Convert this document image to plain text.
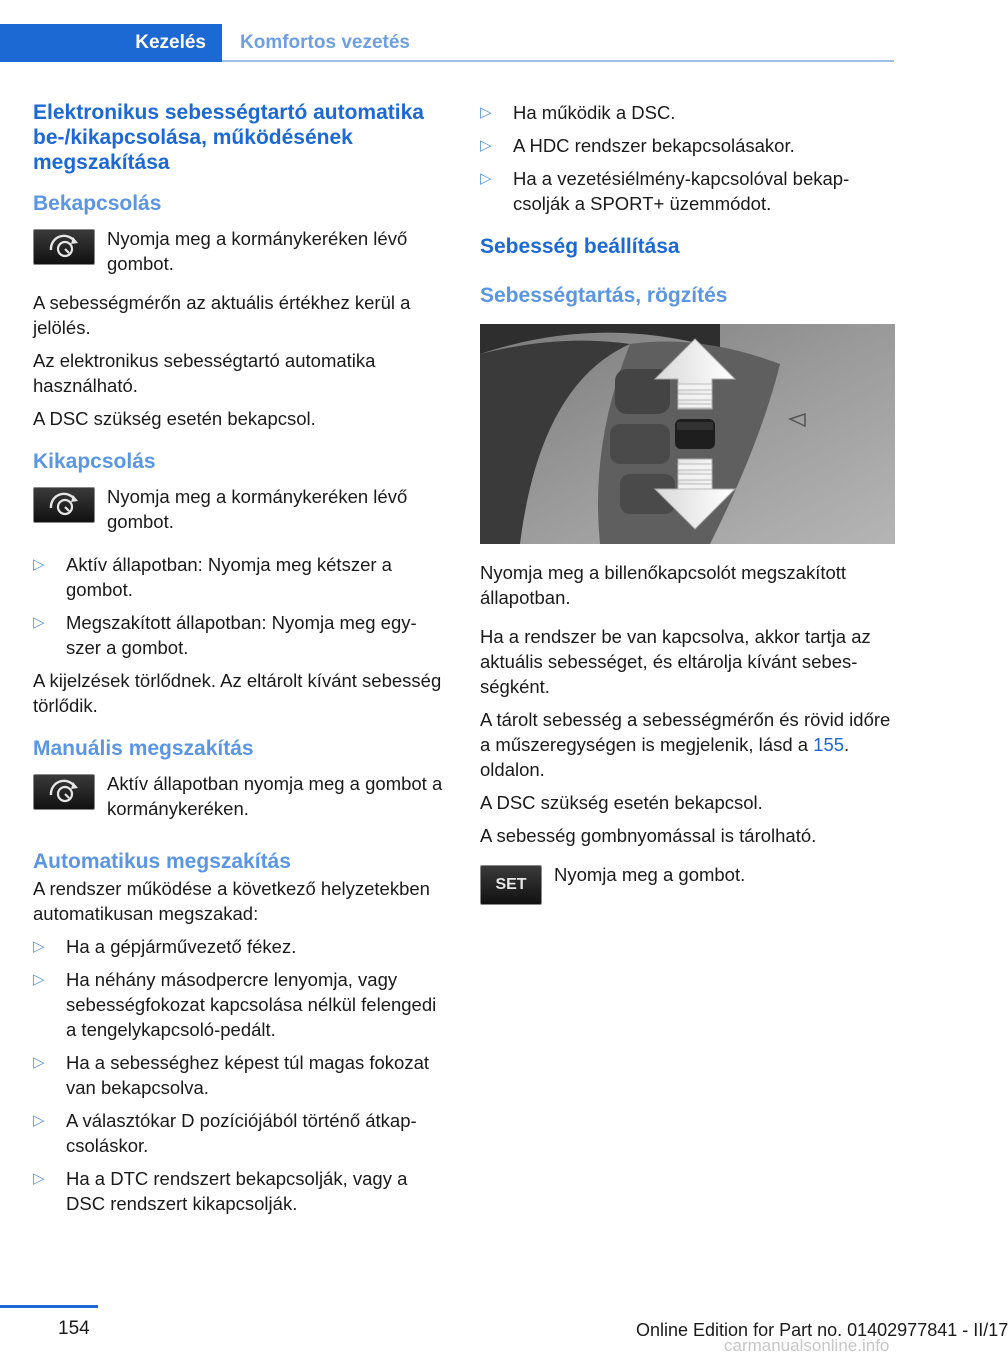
Kezelés	Komfortos vezetés
Elektronikus sebességtartó automatika be-/kikapcsolása, működésének megszakítása
Bekapcsolás
Nyomja meg a kormánykeréken lévő gombot.

A sebességmérőn az aktuális értékhez kerül a jelölés.

Az elektronikus sebességtartó automatika használható.

A DSC szükség esetén bekapcsol.

Kikapcsolás
Nyomja meg a kormánykeréken lévő gombot.
▷ Aktív állapotban: Nyomja meg kétszer a gombot.
▷ Megszakított állapotban: Nyomja meg egyszer a gombot.

A kijelzések törlődnek. Az eltárolt kívánt sebesség törlődik.

Manuális megszakítás
Aktív állapotban nyomja meg a gombot a kormánykeréken.
Automatikus megszakítás

A rendszer működése a következő helyzetekben automatikusan megszakad:

▷ Ha a gépjárművezető fékez.
▷ Ha néhány másodpercre lenyomja, vagy sebességfokozat kapcsolása nélkül felengedi a tengelykapcsoló-pedált.
▷ Ha a sebességhez képest túl magas fokozat van bekapcsolva.
▷ A választókar D pozíciójából történő átkapcsoláskor.
▷ Ha a DTC rendszert bekapcsolják, vagy a DSC rendszert kikapcsolják.
▷ Ha működik a DSC.
▷ A HDC rendszer bekapcsolásakor.
▷ Ha a vezetésiélmény-kapcsolóval bekapcsolják a SPORT+ üzemmódot.
Sebesség beállítása
Sebességtartás, rögzítés

Nyomja meg a billenőkapcsolót megszakított állapotban.

Ha a rendszer be van kapcsolva, akkor tartja az aktuális sebességet, és eltárolja kívánt sebességként.

A tárolt sebesség a sebességmérőn és rövid időre a műszeregységen is megjelenik, lásd a 155. oldalon.

A DSC szükség esetén bekapcsol.

A sebesség gombnyomással is tárolható.

SET	Nyomja meg a gombot.
154	Online Edition for Part no. 01402977841 - II/17
carmanualsonline.info
